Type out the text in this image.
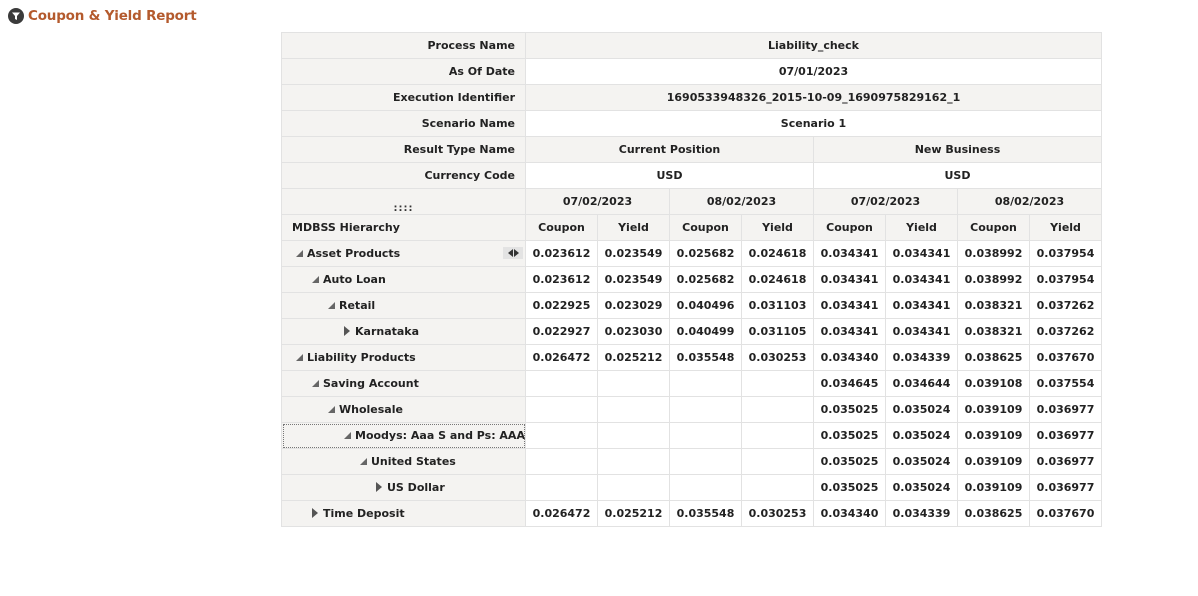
Coupon & Yield Report
Process Name	Liability_check							
As Of Date	07/01/2023							
Execution Identifier	1690533948326_2015-10-09_1690975829162_1							
Scenario Name	Scenario 1							
Result Type Name	Current Position				New Business			
Currency Code	USD				USD			
::::	07/02/2023		08/02/2023		07/02/2023		08/02/2023	
MDBSS Hierarchy	Coupon	Yield	Coupon	Yield	Coupon	Yield	Coupon	Yield
Asset Products	0.023612	0.023549	0.025682	0.024618	0.034341	0.034341	0.038992	0.037954
Auto Loan	0.023612	0.023549	0.025682	0.024618	0.034341	0.034341	0.038992	0.037954
Retail	0.022925	0.023029	0.040496	0.031103	0.034341	0.034341	0.038321	0.037262
Karnataka	0.022927	0.023030	0.040499	0.031105	0.034341	0.034341	0.038321	0.037262
Liability Products	0.026472	0.025212	0.035548	0.030253	0.034340	0.034339	0.038625	0.037670
Saving Account					0.034645	0.034644	0.039108	0.037554
Wholesale					0.035025	0.035024	0.039109	0.036977
Moodys: Aaa S and Ps: AAA					0.035025	0.035024	0.039109	0.036977
United States					0.035025	0.035024	0.039109	0.036977
US Dollar					0.035025	0.035024	0.039109	0.036977
Time Deposit	0.026472	0.025212	0.035548	0.030253	0.034340	0.034339	0.038625	0.037670
